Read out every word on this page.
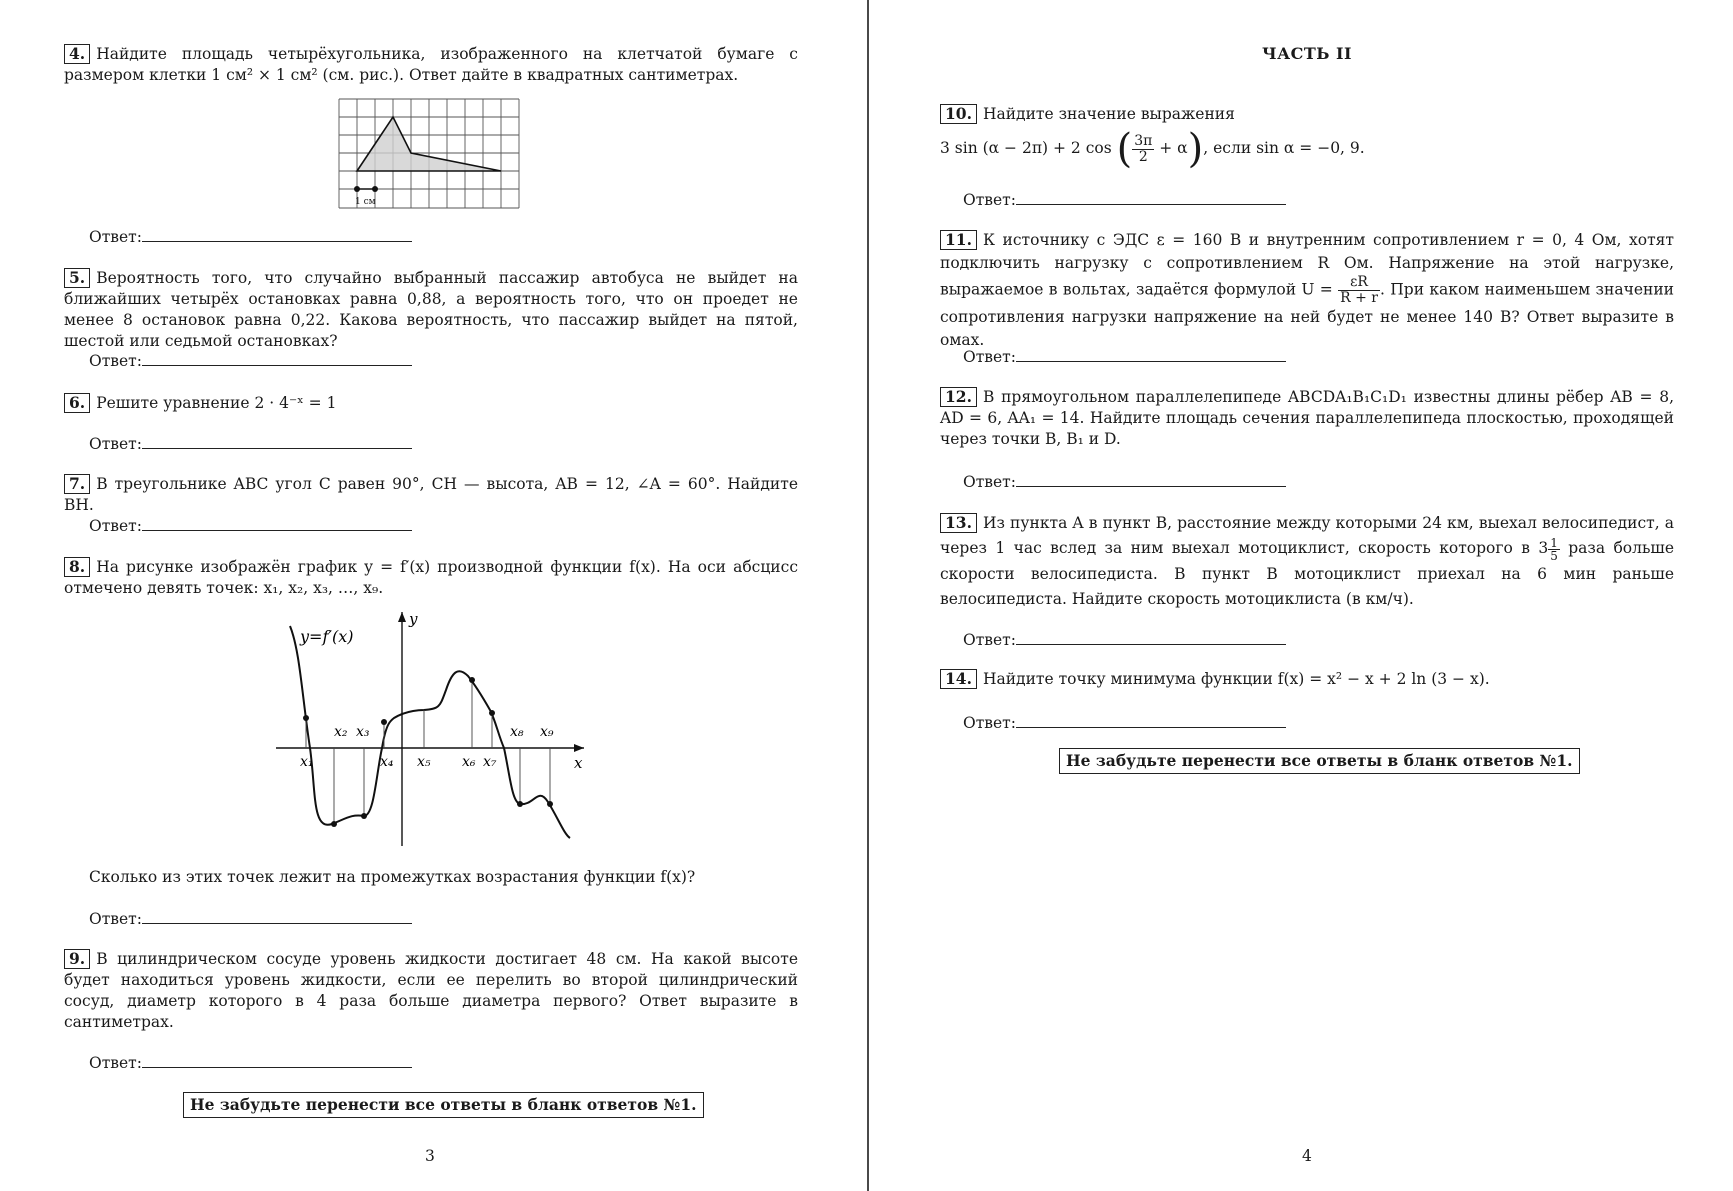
4. Найдите площадь четырёхугольника, изображенного на клетчатой бумаге с размером клетки 1 см² × 1 см² (см. рис.). Ответ дайте в квадратных сантиметрах.
1 см
Ответ:
5. Вероятность того, что случайно выбранный пассажир автобуса не выйдет на ближайших четырёх остановках равна 0,88, а вероятность того, что он проедет не менее 8 остановок равна 0,22. Какова вероятность, что пассажир выйдет на пятой, шестой или седьмой остановках?
Ответ:
6. Решите уравнение 2 · 4⁻ˣ = 1
Ответ:
7. В треугольнике ABC угол C равен 90°, CH — высота, AB = 12, ∠A = 60°. Найдите BH.
Ответ:
8. На рисунке изображён график y = f′(x) производной функции f(x). На оси абсцисс отмечено девять точек: x₁, x₂, x₃, …, x₉.
y
x
y=f′(x)
x₁
x₂ x₃
x₄ x₅ x₆ x₇
x₈ x₉
Сколько из этих точек лежит на промежутках возрастания функции f(x)?
Ответ:
9. В цилиндрическом сосуде уровень жидкости достигает 48 см. На какой высоте будет находиться уровень жидкости, если ее перелить во второй цилиндрический сосуд, диаметр которого в 4 раза больше диаметра первого? Ответ выразите в сантиметрах.
Ответ:
Не забудьте перенести все ответы в бланк ответов №1.
3
ЧАСТЬ II
10. Найдите значение выражения
3 sin (α − 2π) + 2 cos ( $\frac{3\pi}{2} + \alpha$), если sin α = −0, 9.
Ответ:
11. К источнику с ЭДС ε = 160 В и внутренним сопротивлением r = 0, 4 Ом, хотят подключить нагрузку с сопротивлением R Ом. Напряжение на этой нагрузке, выражаемое в вольтах, задаётся формулой $U = \frac{\varepsilon R}{R + r}$ . При каком наименьшем значении сопротивления нагрузки напряжение на ней будет не менее 140 В? Ответ выразите в омах.
Ответ:
12. В прямоугольном параллелепипеде ABCDA₁B₁C₁D₁ известны длины рёбер AB = 8, AD = 6, AA₁ = 14. Найдите площадь сечения параллелепипеда плоскостью, проходящей через точки B, B₁ и D.
Ответ:
13. Из пункта A в пункт B, расстояние между которыми 24 км, выехал велосипедист, а через 1 час вслед за ним выехал мотоциклист, скорость которого в $3 \frac{1}{5}$ раза больше скорости велосипедиста. В пункт B мотоциклист приехал на 6 мин раньше велосипедиста. Найдите скорость мотоциклиста (в км/ч).
Ответ:
14. Найдите точку минимума функции f(x) = x² − x + 2 ln (3 − x).
Ответ:
Не забудьте перенести все ответы в бланк ответов №1.
4
